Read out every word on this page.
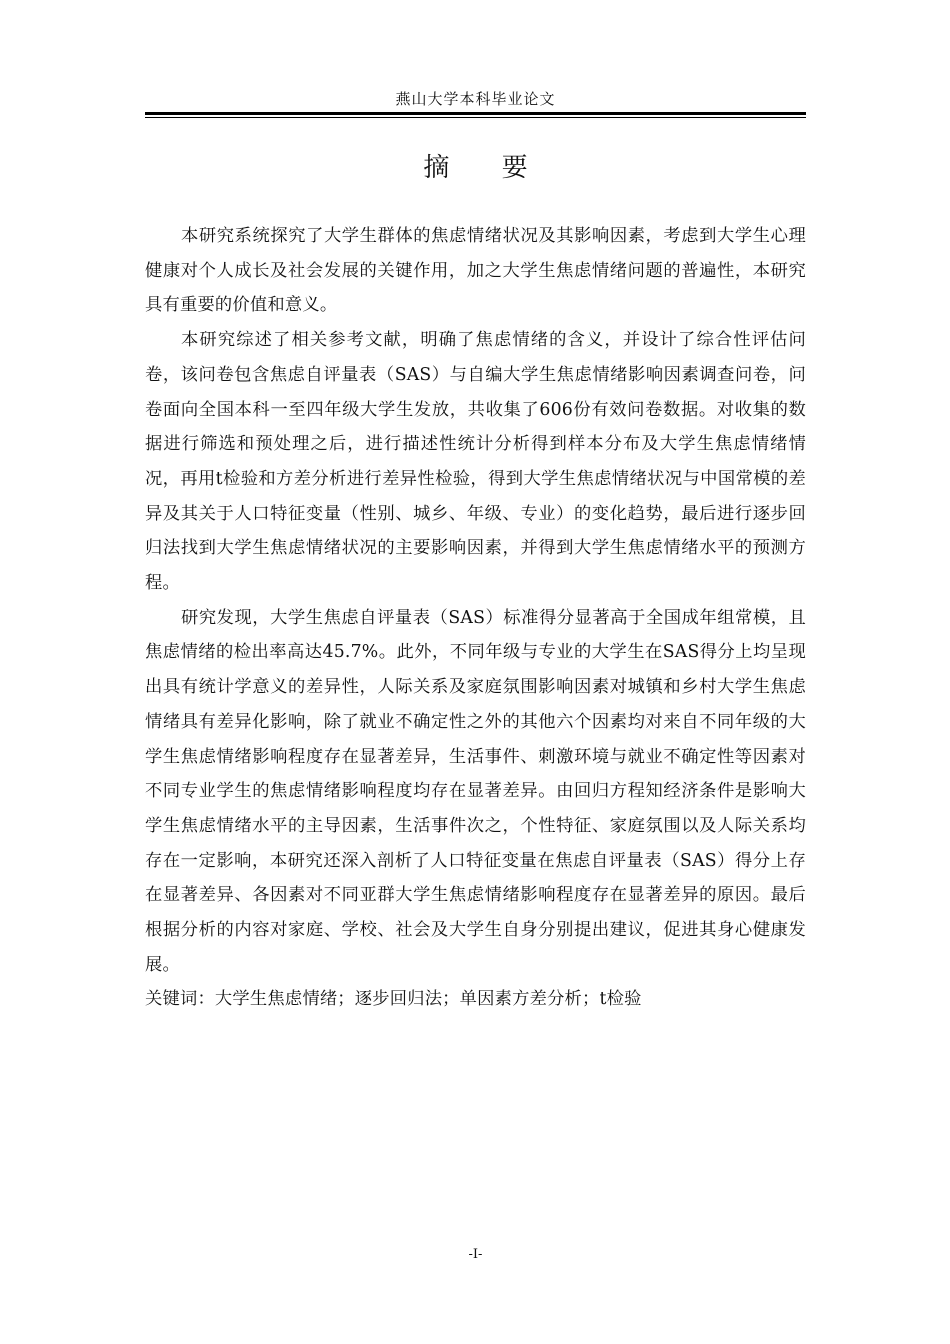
燕山大学本科毕业论文
摘 要

本研究系统探究了大学生群体的焦虑情绪状况及其影响因素，考虑到大学生心理健康对个人成长及社会发展的关键作用，加之大学生焦虑情绪问题的普遍性，本研究具有重要的价值和意义。

本研究综述了相关参考文献，明确了焦虑情绪的含义，并设计了综合性评估问卷，该问卷包含焦虑自评量表（SAS）与自编大学生焦虑情绪影响因素调查问卷，问卷面向全国本科一至四年级大学生发放，共收集了606份有效问卷数据。对收集的数据进行筛选和预处理之后，进行描述性统计分析得到样本分布及大学生焦虑情绪情况，再用t检验和方差分析进行差异性检验，得到大学生焦虑情绪状况与中国常模的差异及其关于人口特征变量（性别、城乡、年级、专业）的变化趋势，最后进行逐步回归法找到大学生焦虑情绪状况的主要影响因素，并得到大学生焦虑情绪水平的预测方程。

研究发现，大学生焦虑自评量表（SAS）标准得分显著高于全国成年组常模，且焦虑情绪的检出率高达45.7%。此外，不同年级与专业的大学生在SAS得分上均呈现出具有统计学意义的差异性，人际关系及家庭氛围影响因素对城镇和乡村大学生焦虑情绪具有差异化影响，除了就业不确定性之外的其他六个因素均对来自不同年级的大学生焦虑情绪影响程度存在显著差异，生活事件、刺激环境与就业不确定性等因素对不同专业学生的焦虑情绪影响程度均存在显著差异。由回归方程知经济条件是影响大学生焦虑情绪水平的主导因素，生活事件次之，个性特征、家庭氛围以及人际关系均存在一定影响，本研究还深入剖析了人口特征变量在焦虑自评量表（SAS）得分上存在显著差异、各因素对不同亚群大学生焦虑情绪影响程度存在显著差异的原因。最后根据分析的内容对家庭、学校、社会及大学生自身分别提出建议，促进其身心健康发展。

关键词：大学生焦虑情绪；逐步回归法；单因素方差分析；t检验

-I-
